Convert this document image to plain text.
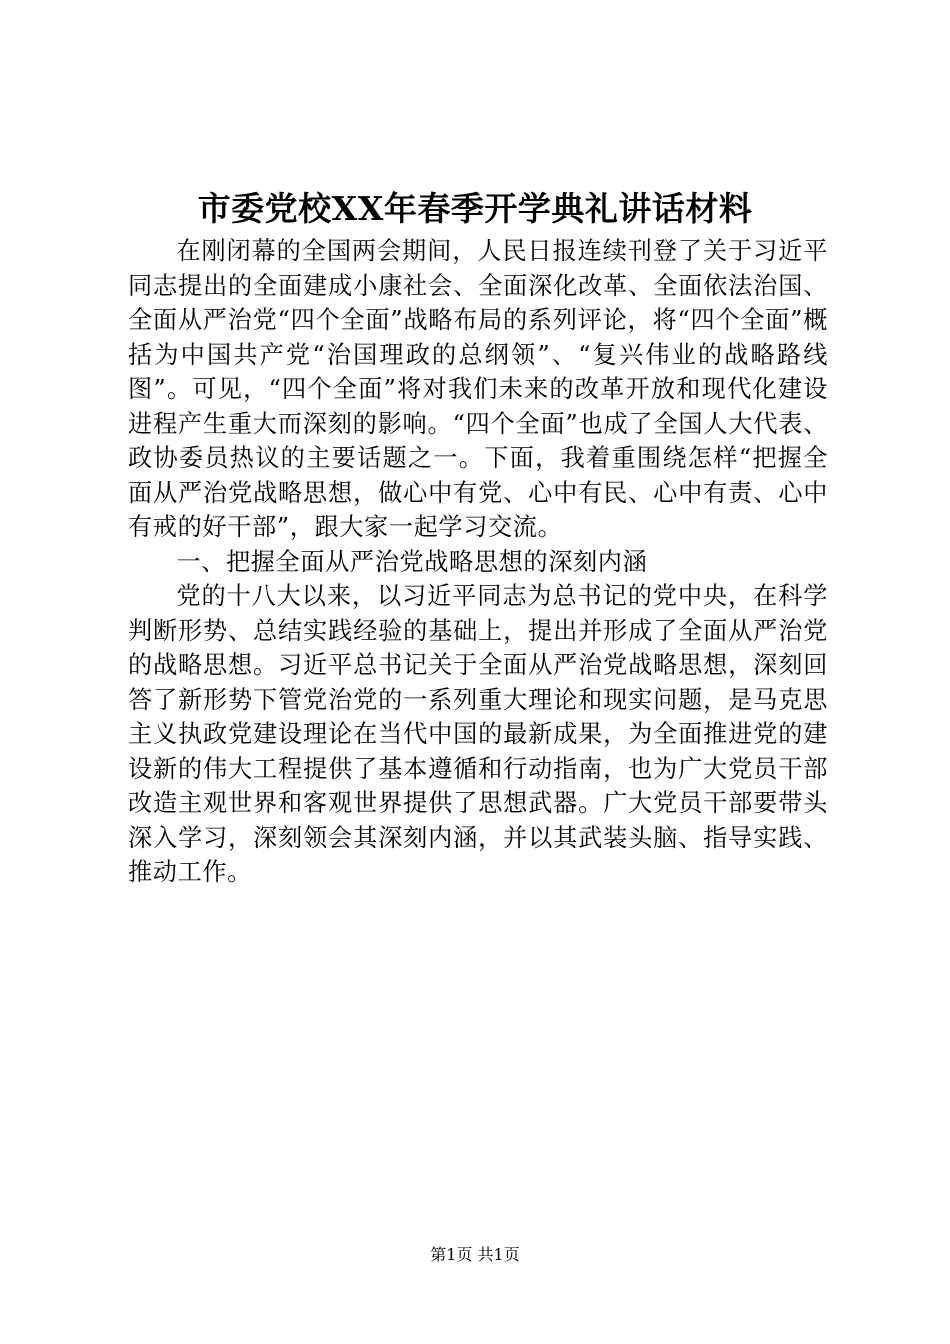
市委党校XX年春季开学典礼讲话材料

在刚闭幕的全国两会期间，人民日报连续刊登了关于习近平同志提出的全面建成小康社会、全面深化改革、全面依法治国、全面从严治党“四个全面”战略布局的系列评论，将“四个全面”概括为中国共产党“治国理政的总纲领”、“复兴伟业的战略路线图”。可见，“四个全面”将对我们未来的改革开放和现代化建设进程产生重大而深刻的影响。“四个全面”也成了全国人大代表、政协委员热议的主要话题之一。下面，我着重围绕怎样“把握全面从严治党战略思想，做心中有党、心中有民、心中有责、心中有戒的好干部”，跟大家一起学习交流。

一、把握全面从严治党战略思想的深刻内涵

党的十八大以来，以习近平同志为总书记的党中央，在科学判断形势、总结实践经验的基础上，提出并形成了全面从严治党的战略思想。习近平总书记关于全面从严治党战略思想，深刻回答了新形势下管党治党的一系列重大理论和现实问题，是马克思主义执政党建设理论在当代中国的最新成果，为全面推进党的建设新的伟大工程提供了基本遵循和行动指南，也为广大党员干部改造主观世界和客观世界提供了思想武器。广大党员干部要带头深入学习，深刻领会其深刻内涵，并以其武装头脑、指导实践、推动工作。

第1页 共1页
